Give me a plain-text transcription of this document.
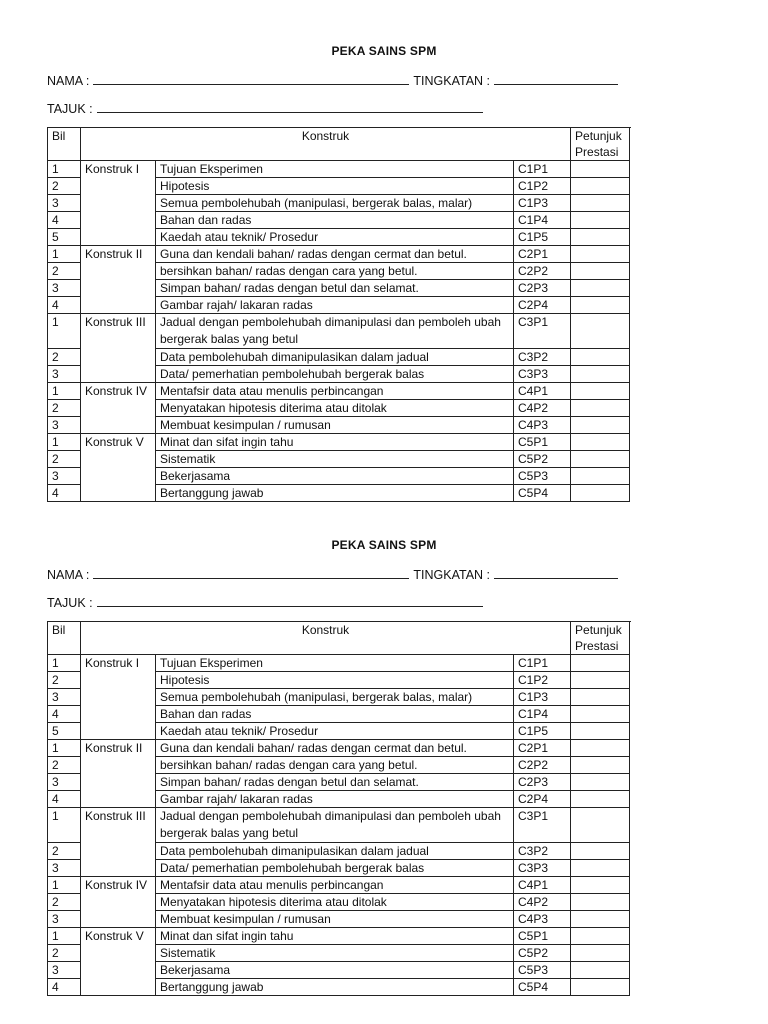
PEKA SAINS SPM
NAMA :	TINGKATAN :
TAJUK :
Bil	Konstruk			Petunjuk Prestasi
1	Konstruk I	Tujuan Eksperimen	C1P1	
2		Hipotesis	C1P2	
3		Semua pembolehubah (manipulasi, bergerak balas, malar)	C1P3	
4		Bahan dan radas	C1P4	
5		Kaedah atau teknik/ Prosedur	C1P5	
1	Konstruk II	Guna dan kendali bahan/ radas dengan cermat dan betul.	C2P1	
2		bersihkan bahan/ radas dengan cara yang betul.	C2P2	
3		Simpan bahan/ radas dengan betul dan selamat.	C2P3	
4		Gambar rajah/ lakaran radas	C2P4	
1	Konstruk III	Jadual dengan pembolehubah dimanipulasi dan pemboleh ubah bergerak balas yang betul	C3P1	
2		Data pembolehubah dimanipulasikan dalam jadual	C3P2	
3		Data/ pemerhatian pembolehubah bergerak balas	C3P3	
1	Konstruk IV	Mentafsir data atau menulis perbincangan	C4P1	
2		Menyatakan hipotesis diterima atau ditolak	C4P2	
3		Membuat kesimpulan / rumusan	C4P3	
1	Konstruk V	Minat dan sifat ingin tahu	C5P1	
2		Sistematik	C5P2	
3		Bekerjasama	C5P3	
4		Bertanggung jawab	C5P4	
PEKA SAINS SPM
NAMA :	TINGKATAN :
TAJUK :
Bil	Konstruk			Petunjuk Prestasi
1	Konstruk I	Tujuan Eksperimen	C1P1	
2		Hipotesis	C1P2	
3		Semua pembolehubah (manipulasi, bergerak balas, malar)	C1P3	
4		Bahan dan radas	C1P4	
5		Kaedah atau teknik/ Prosedur	C1P5	
1	Konstruk II	Guna dan kendali bahan/ radas dengan cermat dan betul.	C2P1	
2		bersihkan bahan/ radas dengan cara yang betul.	C2P2	
3		Simpan bahan/ radas dengan betul dan selamat.	C2P3	
4		Gambar rajah/ lakaran radas	C2P4	
1	Konstruk III	Jadual dengan pembolehubah dimanipulasi dan pemboleh ubah bergerak balas yang betul	C3P1	
2		Data pembolehubah dimanipulasikan dalam jadual	C3P2	
3		Data/ pemerhatian pembolehubah bergerak balas	C3P3	
1	Konstruk IV	Mentafsir data atau menulis perbincangan	C4P1	
2		Menyatakan hipotesis diterima atau ditolak	C4P2	
3		Membuat kesimpulan / rumusan	C4P3	
1	Konstruk V	Minat dan sifat ingin tahu	C5P1	
2		Sistematik	C5P2	
3		Bekerjasama	C5P3	
4		Bertanggung jawab	C5P4	
